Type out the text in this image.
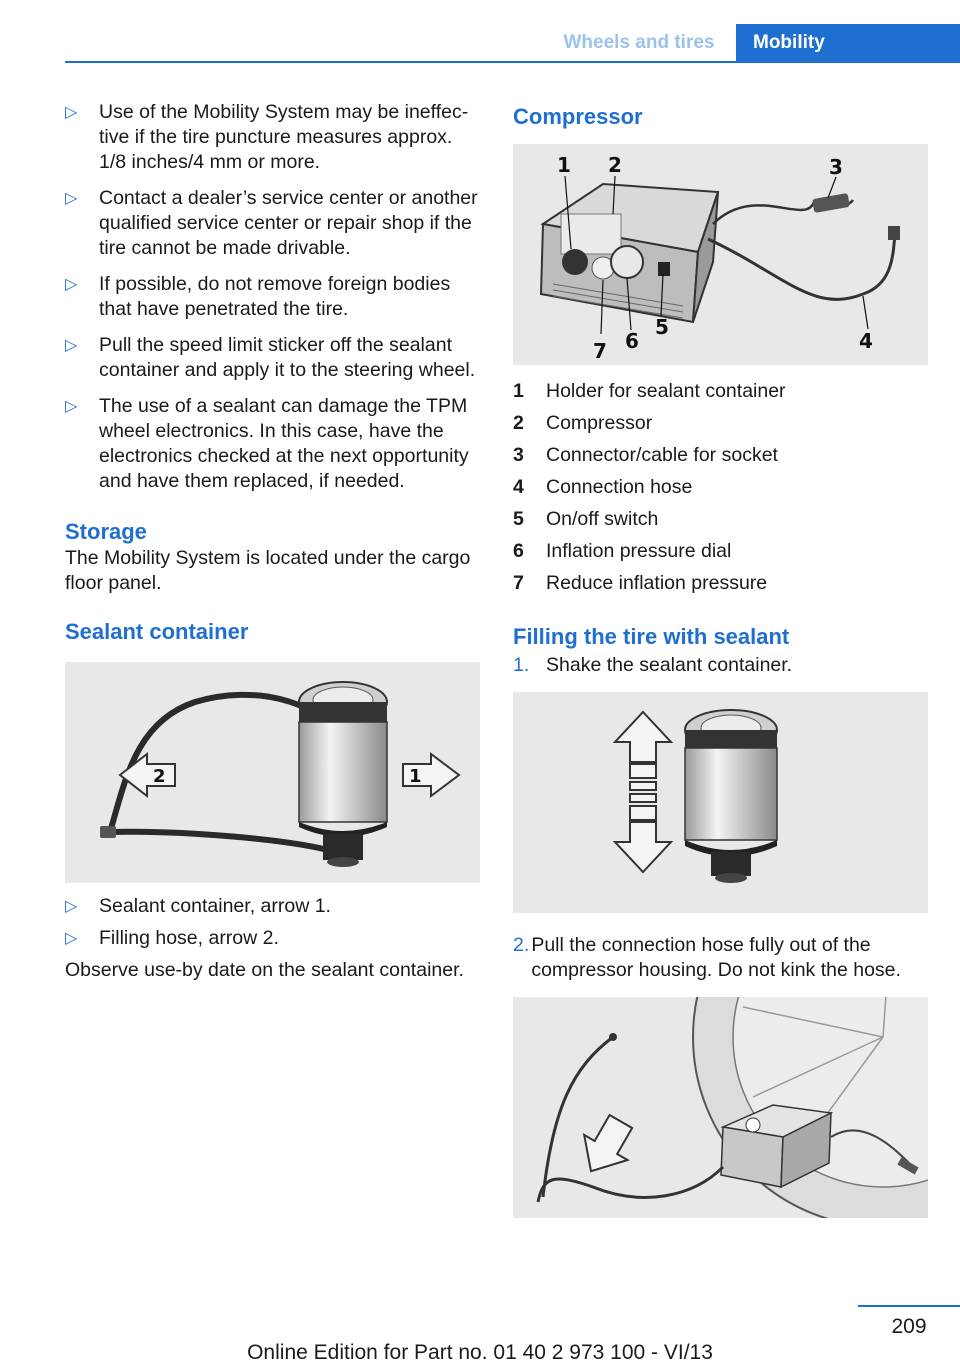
Wheels and tires	Mobility
▷ Use of the Mobility System may be ineffective if the tire puncture measures approx. 1/8 inches/4 mm or more.
▷ Contact a dealer’s service center or another qualified service center or repair shop if the tire cannot be made drivable.
▷ If possible, do not remove foreign bodies that have penetrated the tire.
▷ Pull the speed limit sticker off the sealant container and apply it to the steering wheel.
▷ The use of a sealant can damage the TPM wheel electronics. In this case, have the electronics checked at the next opportunity and have them replaced, if needed.
Storage

The Mobility System is located under the cargo floor panel.

Sealant container
2	1
▷ Sealant container, arrow 1.
▷ Filling hose, arrow 2.

Observe use-by date on the sealant container.

Compressor
1 2	3
4
5
6
7
1	Holder for sealant container
2	Compressor
3	Connector/cable for socket
4	Connection hose
5	On/off switch
6	Inflation pressure dial
7	Reduce inflation pressure
Filling the tire with sealant
1. Shake the sealant container.
2. Pull the connection hose fully out of the compressor housing. Do not kink the hose.
209
Online Edition for Part no. 01 40 2 973 100 - VI/13
